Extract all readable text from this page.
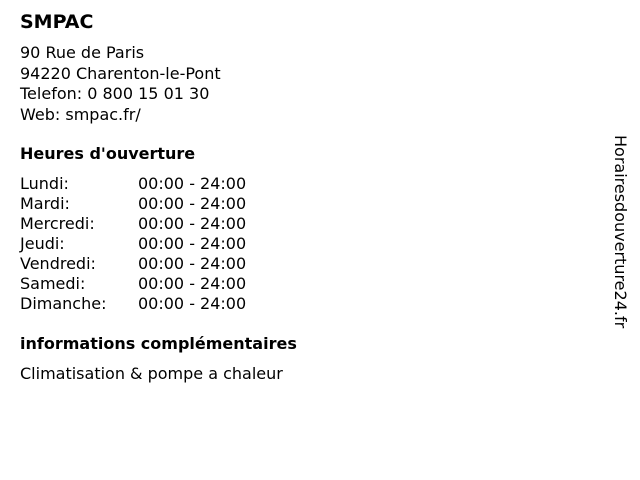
SMPAC
90 Rue de Paris
94220 Charenton-le-Pont
Telefon: 0 800 15 01 30
Web: smpac.fr/
Heures d'ouverture
Lundi:	00:00 - 24:00
Mardi:	00:00 - 24:00
Mercredi:	00:00 - 24:00
Jeudi:	00:00 - 24:00
Vendredi:	00:00 - 24:00
Samedi:	00:00 - 24:00
Dimanche: 00:00 - 24:00
informations complémentaires
Climatisation & pompe a chaleur
Horairesdouverture24.fr
